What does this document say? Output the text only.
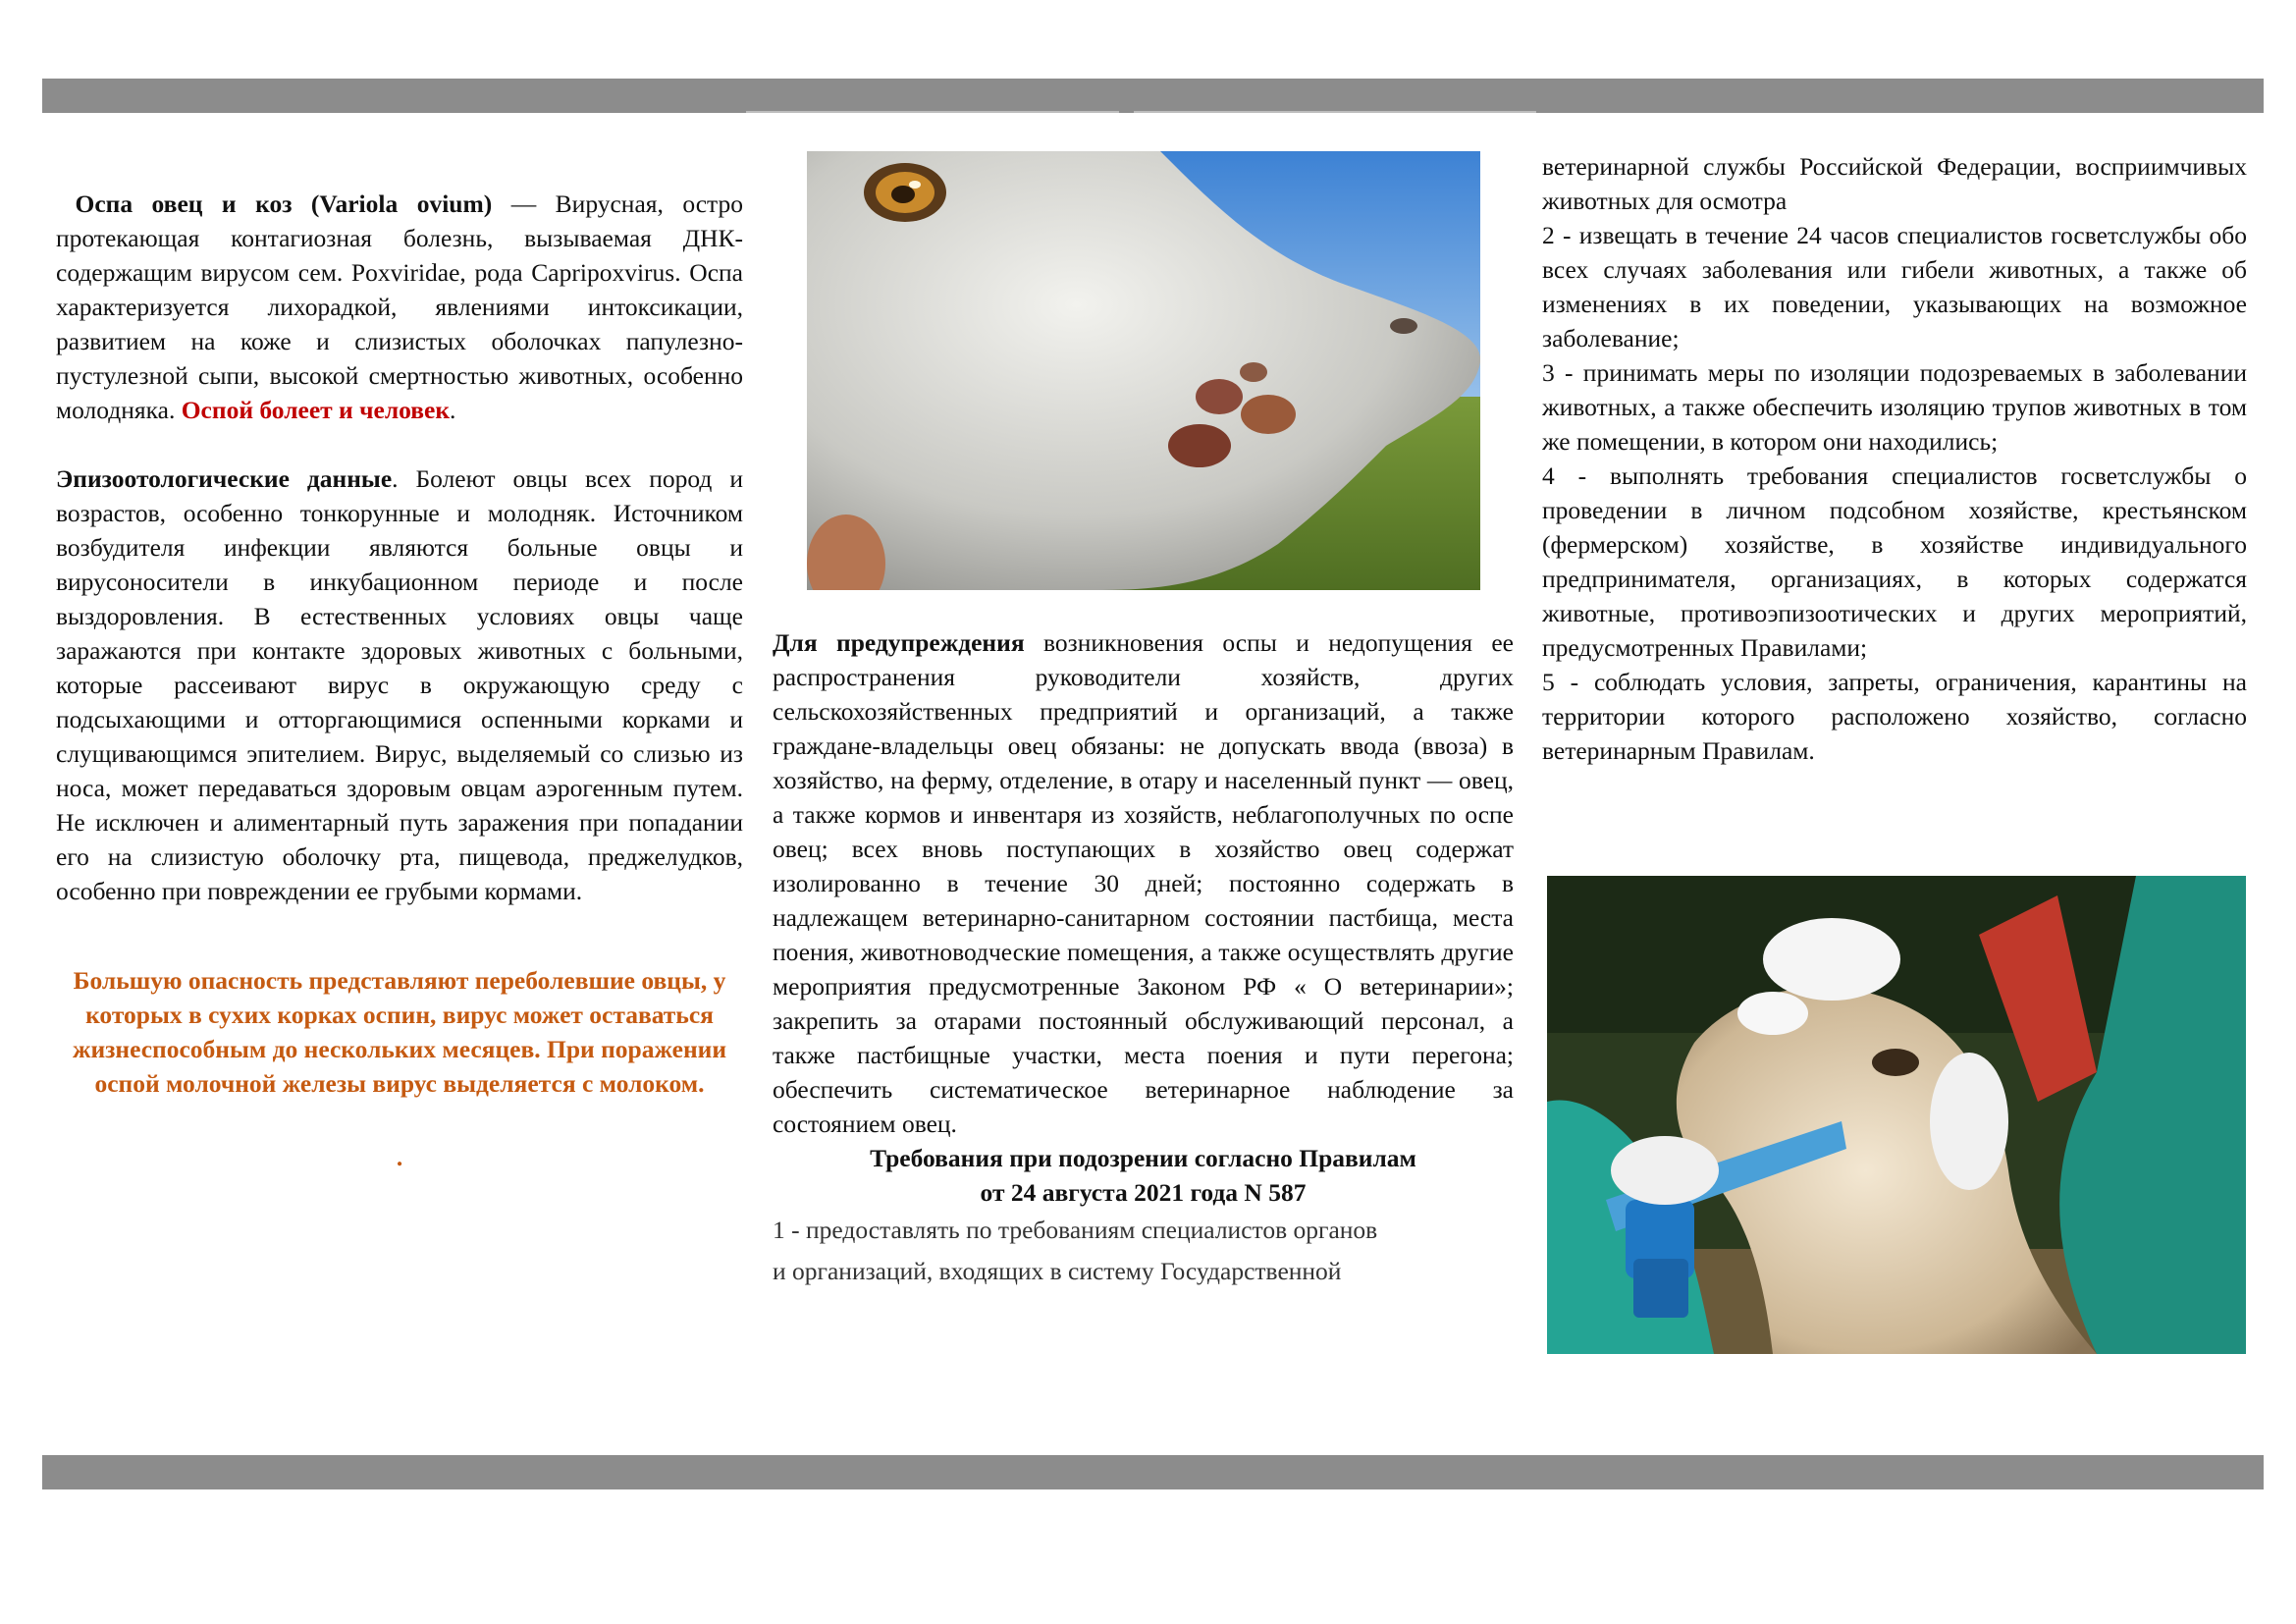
Оспа овец и коз (Variola ovium) — Вирусная, остро протекающая контагиозная болезнь, вызываемая ДНК-содержащим вирусом сем. Poxviridae, рода Capripoxvirus. Оспа характеризуется лихорадкой, явлениями интоксикации, развитием на коже и слизистых оболочках папулезно-пустулезной сыпи, высокой смертностью животных, особенно молодняка. Оспой болеет и человек.

Эпизоотологические данные. Болеют овцы всех пород и возрастов, особенно тонкорунные и молодняк. Источником возбудителя инфекции являются больные овцы и вирусоносители в инкубационном периоде и после выздоровления. В естественных условиях овцы чаще заражаются при контакте здоровых животных с больными, которые рассеивают вирус в окружающую среду с подсыхающими и отторгающимися оспенными корками и слущивающимся эпителием. Вирус, выделяемый со слизью из носа, может передаваться здоровым овцам аэрогенным путем. Не исключен и алиментарный путь заражения при попадании его на слизистую оболочку рта, пищевода, преджелудков, особенно при повреждении ее грубыми кормами.

Большую опасность представляют переболевшие овцы, у которых в сухих корках оспин, вирус может оставаться жизнеспособным до нескольких месяцев. При поражении оспой молочной железы вирус выделяется с молоком.

.

Для предупреждения возникновения оспы и недопущения ее распространения руководители хозяйств, других сельскохозяйственных предприятий и организаций, а также граждане-владельцы овец обязаны: не допускать ввода (ввоза) в хозяйство, на ферму, отделение, в отару и населенный пункт — овец, а также кормов и инвентаря из хозяйств, неблагополучных по оспе овец; всех вновь поступающих в хозяйство овец содержат изолированно в течение 30 дней; постоянно содержать в надлежащем ветеринарно-санитарном состоянии пастбища, места поения, животноводческие помещения, а также осуществлять другие мероприятия предусмотренные Законом РФ « О ветеринарии»; закрепить за отарами постоянный обслуживающий персонал, а также пастбищные участки, места поения и пути перегона; обеспечить систематическое ветеринарное наблюдение за состоянием овец.

Требования при подозрении согласно Правилам
от 24 августа 2021 года N 587

1 - предоставлять по требованиям специалистов органов
и организаций, входящих в систему Государственной

ветеринарной службы Российской Федерации, восприимчивых животных для осмотра

2 - извещать в течение 24 часов специалистов госветслужбы обо всех случаях заболевания или гибели животных, а также об изменениях в их поведении, указывающих на возможное заболевание;

3 - принимать меры по изоляции подозреваемых в заболевании животных, а также обеспечить изоляцию трупов животных в том же помещении, в котором они находились;

4 - выполнять требования специалистов госветслужбы о проведении в личном подсобном хозяйстве, крестьянском (фермерском) хозяйстве, в хозяйстве индивидуального предпринимателя, организациях, в которых содержатся животные, противоэпизоотических и других мероприятий, предусмотренных Правилами;

5 - соблюдать условия, запреты, ограничения, карантины на территории которого расположено хозяйство, согласно ветеринарным Правилам.
